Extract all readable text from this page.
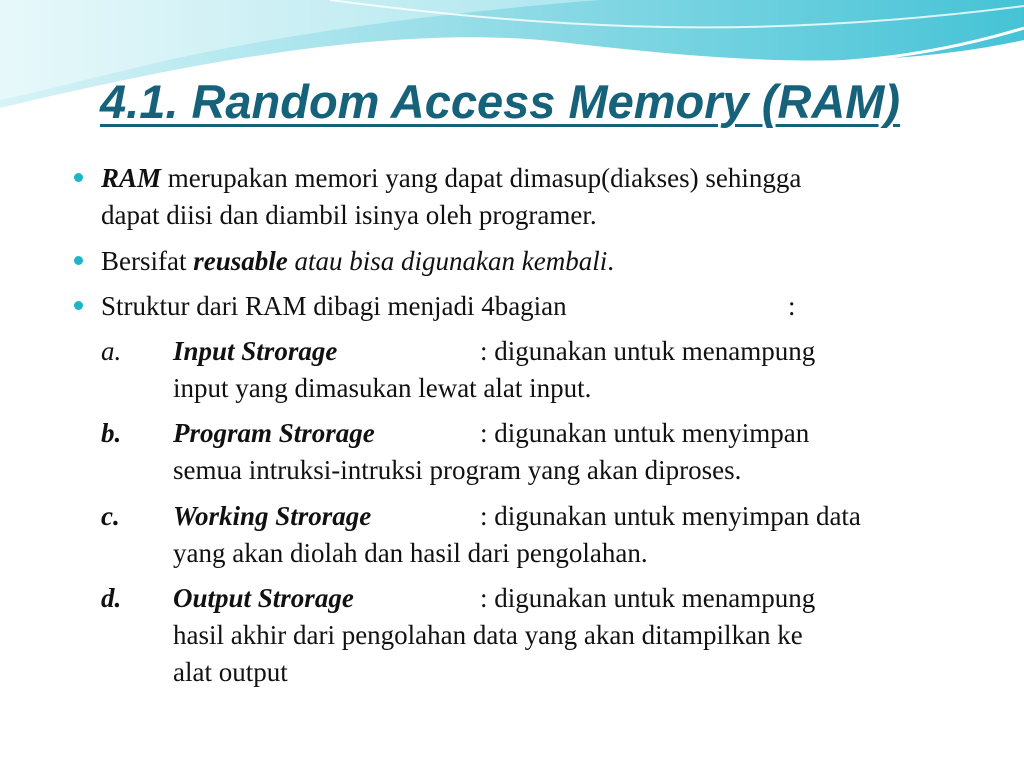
4.1. Random Access Memory (RAM)
RAM merupakan memori yang dapat dimasup(diakses) sehingga
dapat diisi dan diambil isinya oleh programer.
Bersifat reusable atau bisa digunakan kembali.
Struktur dari RAM dibagi menjadi 4bagian	:
a. Input Strorage	: digunakan untuk menampung
input yang dimasukan lewat alat input.
b. Program Strorage	: digunakan untuk menyimpan
semua intruksi-intruksi program yang akan diproses.
c. Working Strorage	: digunakan untuk menyimpan data
yang akan diolah dan hasil dari pengolahan.
d. Output Strorage	: digunakan untuk menampung
hasil akhir dari pengolahan data yang akan ditampilkan ke
alat output
